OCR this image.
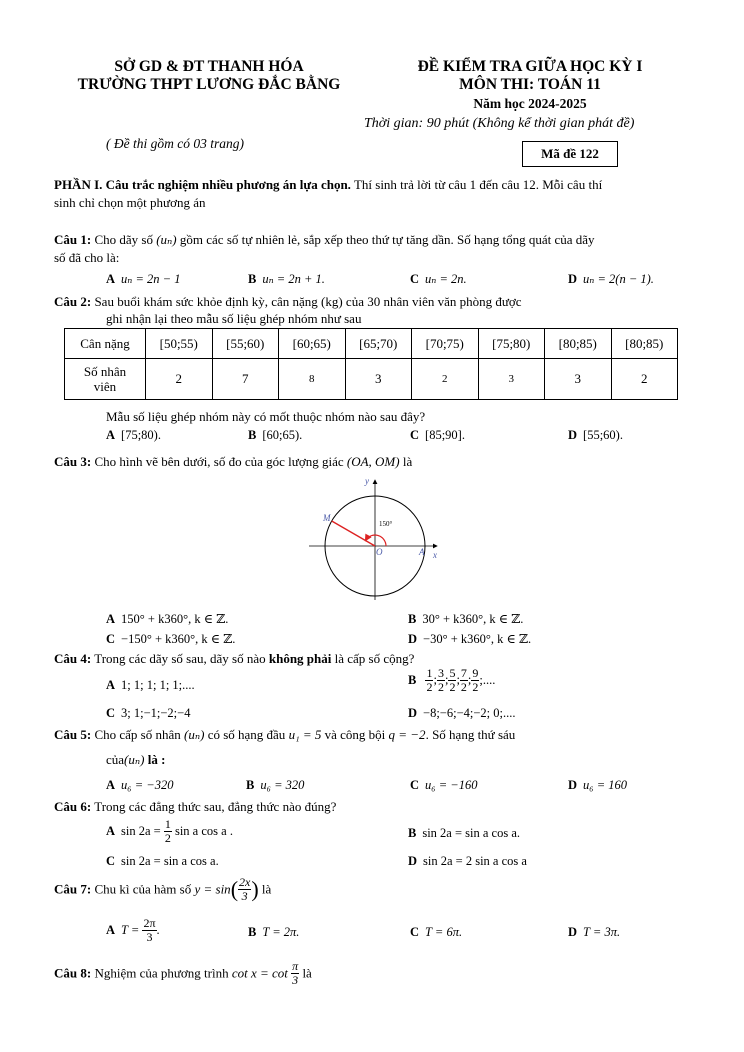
SỞ GD & ĐT THANH HÓA
TRƯỜNG THPT LƯƠNG ĐẮC BẰNG
( Đề thi gồm có 03 trang)
ĐỀ KIỂM TRA GIỮA HỌC KỲ I
MÔN THI: TOÁN 11
Năm học 2024-2025
Thời gian: 90 phút (Không kể thời gian phát đề)
Mã đề 122
PHẦN I. Câu trắc nghiệm nhiều phương án lựa chọn. Thí sinh trả lời từ câu 1 đến câu 12. Mỗi câu thí
sinh chỉ chọn một phương án
Câu 1: Cho dãy số (uₙ) gồm các số tự nhiên lẻ, sắp xếp theo thứ tự tăng dần. Số hạng tổng quát của dãy
số đã cho là:
A uₙ = 2n − 1	B uₙ = 2n + 1.	C uₙ = 2n.	D uₙ = 2(n − 1).
Câu 2: Sau buổi khám sức khỏe định kỳ, cân nặng (kg) của 30 nhân viên văn phòng được
ghi nhận lại theo mẫu số liệu ghép nhóm như sau
Cân nặng	[50;55)	[55;60)	[60;65)	[65;70)	[70;75)	[75;80)	[80;85)	[80;85)
Số nhân
viên	2	7	8	3	2	3	3	2
Mẫu số liệu ghép nhóm này có mốt thuộc nhóm nào sau đây?
A [75;80).	B [60;65).	C [85;90].	D [55;60).
Câu 3: Cho hình vẽ bên dưới, số đo của góc lượng giác (OA, OM) là
y
x
M
O	A
150°
A 150° + k360°, k ∈ ℤ.	B 30° + k360°, k ∈ ℤ.
C −150° + k360°, k ∈ ℤ.	D −30° + k360°, k ∈ ℤ.
Câu 4: Trong các dãy số sau, dãy số nào không phải là cấp số cộng?
A 1; 1; 1; 1; 1;....	B $\frac{1}{2}$ ; $\frac{3}{2}$ ; $\frac{5}{2}$ ; $\frac{7}{2}$ ; $\frac{9}{2}$ ;....
C 3; 1;−1;−2;−4	D −8;−6;−4;−2; 0;....
Câu 5: Cho cấp số nhân (uₙ) có số hạng đầu u₁ = 5 và công bội q = −2. Số hạng thứ sáu
của(uₙ) là :
A u₆ = −320	B u₆ = 320	C u₆ = −160	D u₆ = 160
Câu 6: Trong các đẳng thức sau, đẳng thức nào đúng?
A $\sin 2a = \frac{1}{2}$ sin a cos a .	B sin 2a = sin a cos a.
C sin 2a = sin a cos a.	D sin 2a = 2 sin a cos a
Câu 7: Chu kì của hàm số $y = \sin( \frac{2x}{3}$ ) là
A $T = \frac{2\pi}{3}$ .	B T = 2π.	C T = 6π.	D T = 3π.
Câu 8: Nghiệm của phương trình $\cot x = \cot \frac{\pi}{3}$ là
